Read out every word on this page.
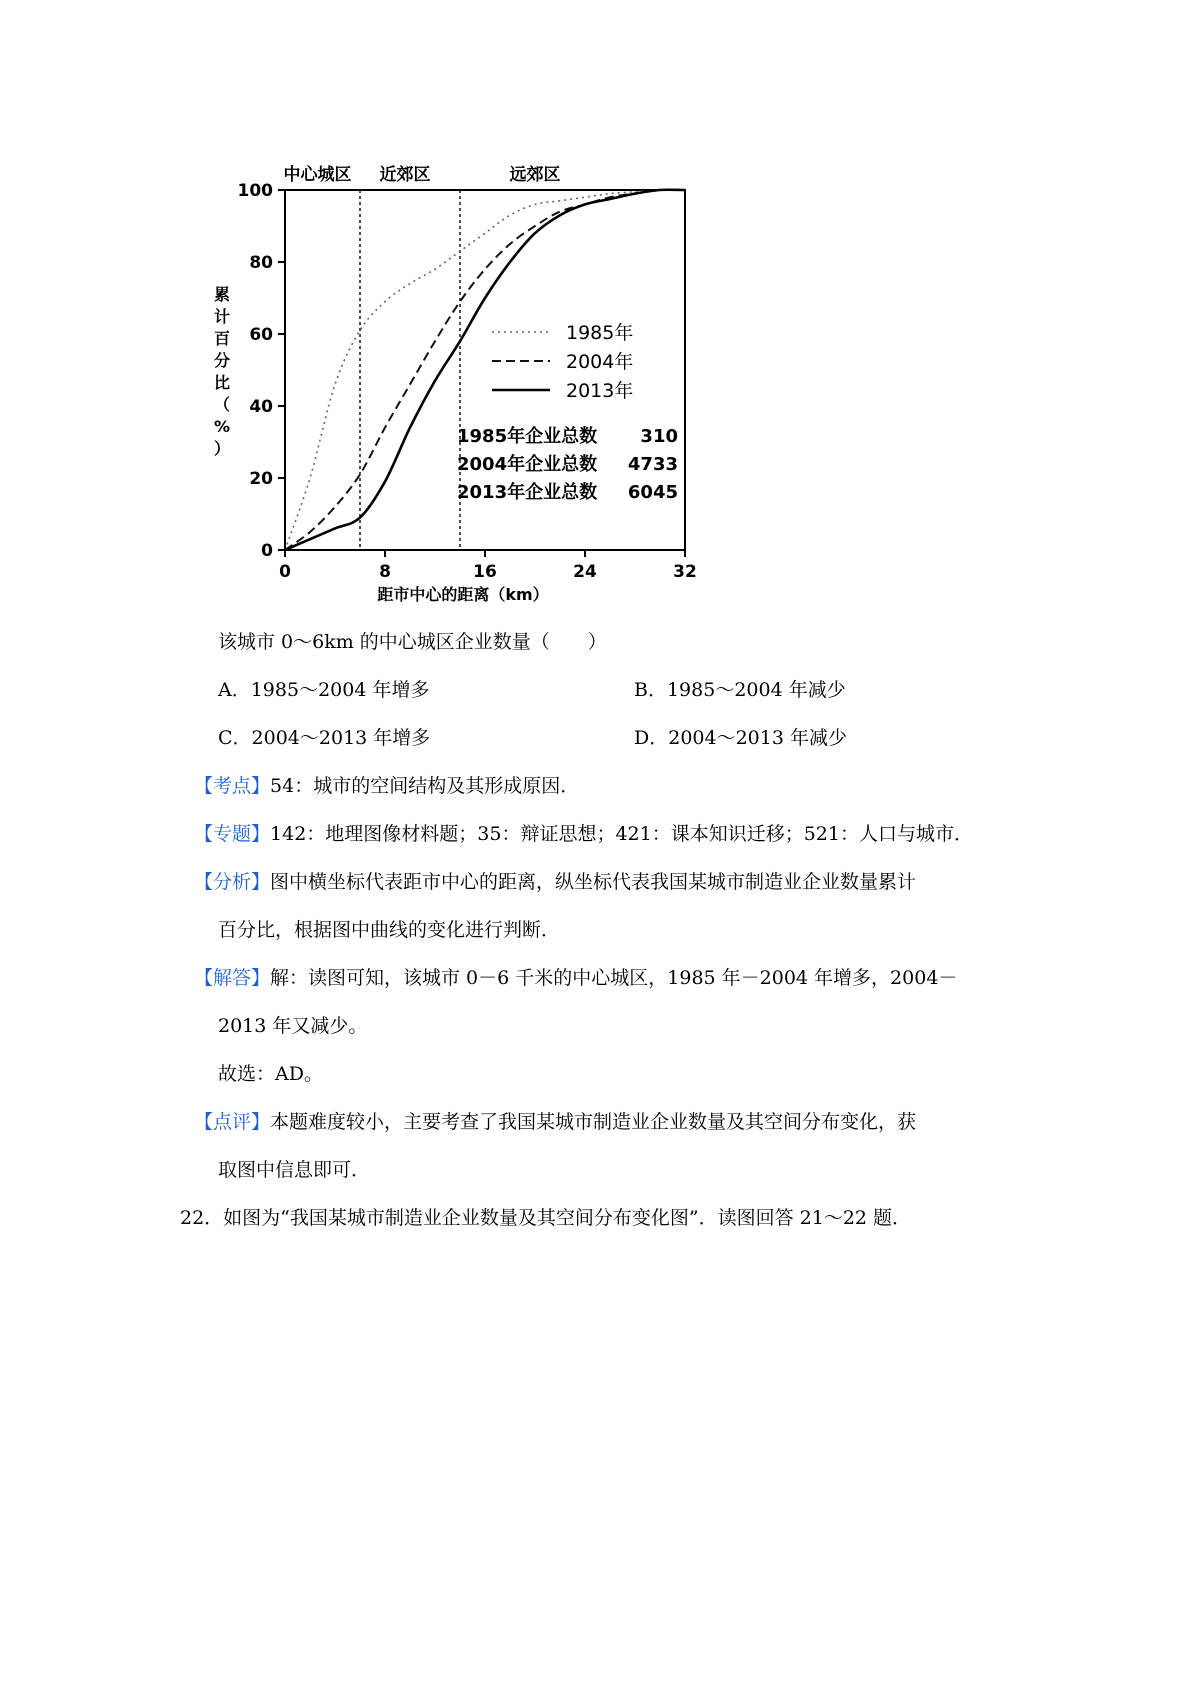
中心城区 近郊区	远郊区
0
20
40
60
80
100
0	8	16	24	32
距市中心的距离（km）
累计百分比（%）
1985年
2004年
2013年
1985年企业总数 310
2004年企业总数 4733
2013年企业总数 6045
该城市 0～6km 的中心城区企业数量（　　）
A．1985～2004 年增多	B．1985～2004 年减少
C．2004～2013 年增多	D．2004～2013 年减少
【考点】54：城市的空间结构及其形成原因．
【专题】142：地理图像材料题；35：辩证思想；421：课本知识迁移；521：人口与城市．
【分析】图中横坐标代表距市中心的距离，纵坐标代表我国某城市制造业企业数量累计
百分比，根据图中曲线的变化进行判断．
【解答】解：读图可知，该城市 0－6 千米的中心城区，1985 年－2004 年增多，2004－
2013 年又减少。
故选：AD。
【点评】本题难度较小，主要考查了我国某城市制造业企业数量及其空间分布变化，获
取图中信息即可．
22．如图为“我国某城市制造业企业数量及其空间分布变化图”．读图回答 21～22 题．
